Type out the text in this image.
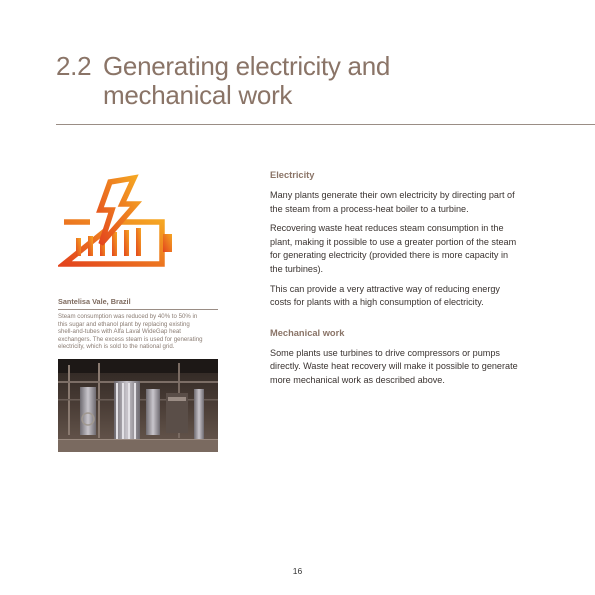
2.2 Generating electricity and
mechanical work
Santelisa Vale, Brazil
Steam consumption was reduced by 40% to 50% in
this sugar and ethanol plant by replacing existing
shell-and-tubes with Alfa Laval WideGap heat
exchangers. The excess steam is used for generating
electricity, which is sold to the national grid.
Electricity

Many plants generate their own electricity by directing part of
the steam from a process-heat boiler to a turbine.

Recovering waste heat reduces steam consumption in the
plant, making it possible to use a greater portion of the steam
for generating electricity (provided there is more capacity in
the turbines).

This can provide a very attractive way of reducing energy
costs for plants with a high consumption of electricity.

Mechanical work

Some plants use turbines to drive compressors or pumps
directly. Waste heat recovery will make it possible to generate
more mechanical work as described above.

16
